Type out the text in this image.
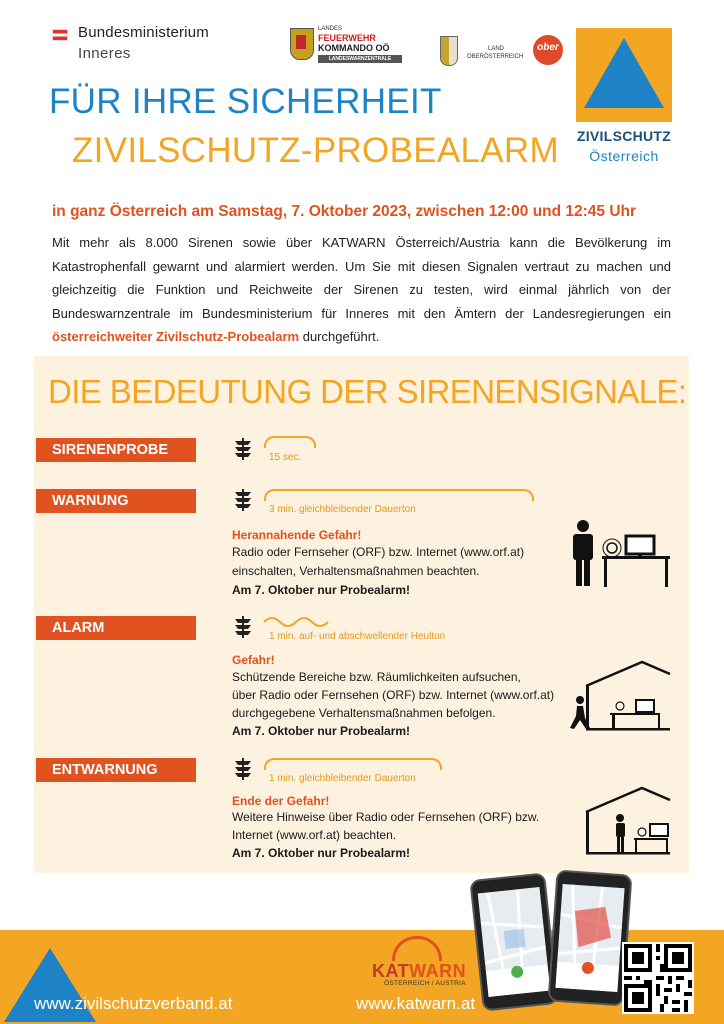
Bundesministerium
Inneres
LANDES
FEUERWEHR
KOMMANDO OÖ
LANDESWARNZENTRALE
LAND
OBERÖSTERREICH
ober
ZIVILSCHUTZ
Österreich
FÜR IHRE SICHERHEIT
ZIVILSCHUTZ-PROBEALARM
in ganz Österreich am Samstag, 7. Oktober 2023, zwischen 12:00 und 12:45 Uhr
Mit mehr als 8.000 Sirenen sowie über KATWARN Österreich/Austria kann die Bevölkerung im Katastrophenfall gewarnt und alarmiert werden. Um Sie mit diesen Signalen vertraut zu machen und gleichzeitig die Funktion und Reichweite der Sirenen zu testen, wird einmal jährlich von der Bundeswarnzentrale im Bundesministerium für Inneres mit den Ämtern der Landesregierungen ein österreichweiter Zivilschutz-Probealarm durchgeführt.
DIE BEDEUTUNG DER SIRENENSIGNALE:
SIRENENPROBE	15 sec.
WARNUNG
3 min. gleichbleibender Dauerton
Herannahende Gefahr!
Radio oder Fernseher (ORF) bzw. Internet (www.orf.at)
einschalten, Verhaltensmaßnahmen beachten.
Am 7. Oktober nur Probealarm!
ALARM
1 min. auf- und abschwellender Heulton
Gefahr!
Schützende Bereiche bzw. Räumlichkeiten aufsuchen,
über Radio oder Fernsehen (ORF) bzw. Internet (www.orf.at)
durchgegebene Verhaltensmaßnahmen befolgen.
Am 7. Oktober nur Probealarm!
ENTWARNUNG
1 min. gleichbleibender Dauerton
Ende der Gefahr!
Weitere Hinweise über Radio oder Fernsehen (ORF) bzw.
Internet (www.orf.at) beachten.
Am 7. Oktober nur Probealarm!
www.zivilschutzverband.at
KATWARN
ÖSTERREICH / AUSTRIA
www.katwarn.at
